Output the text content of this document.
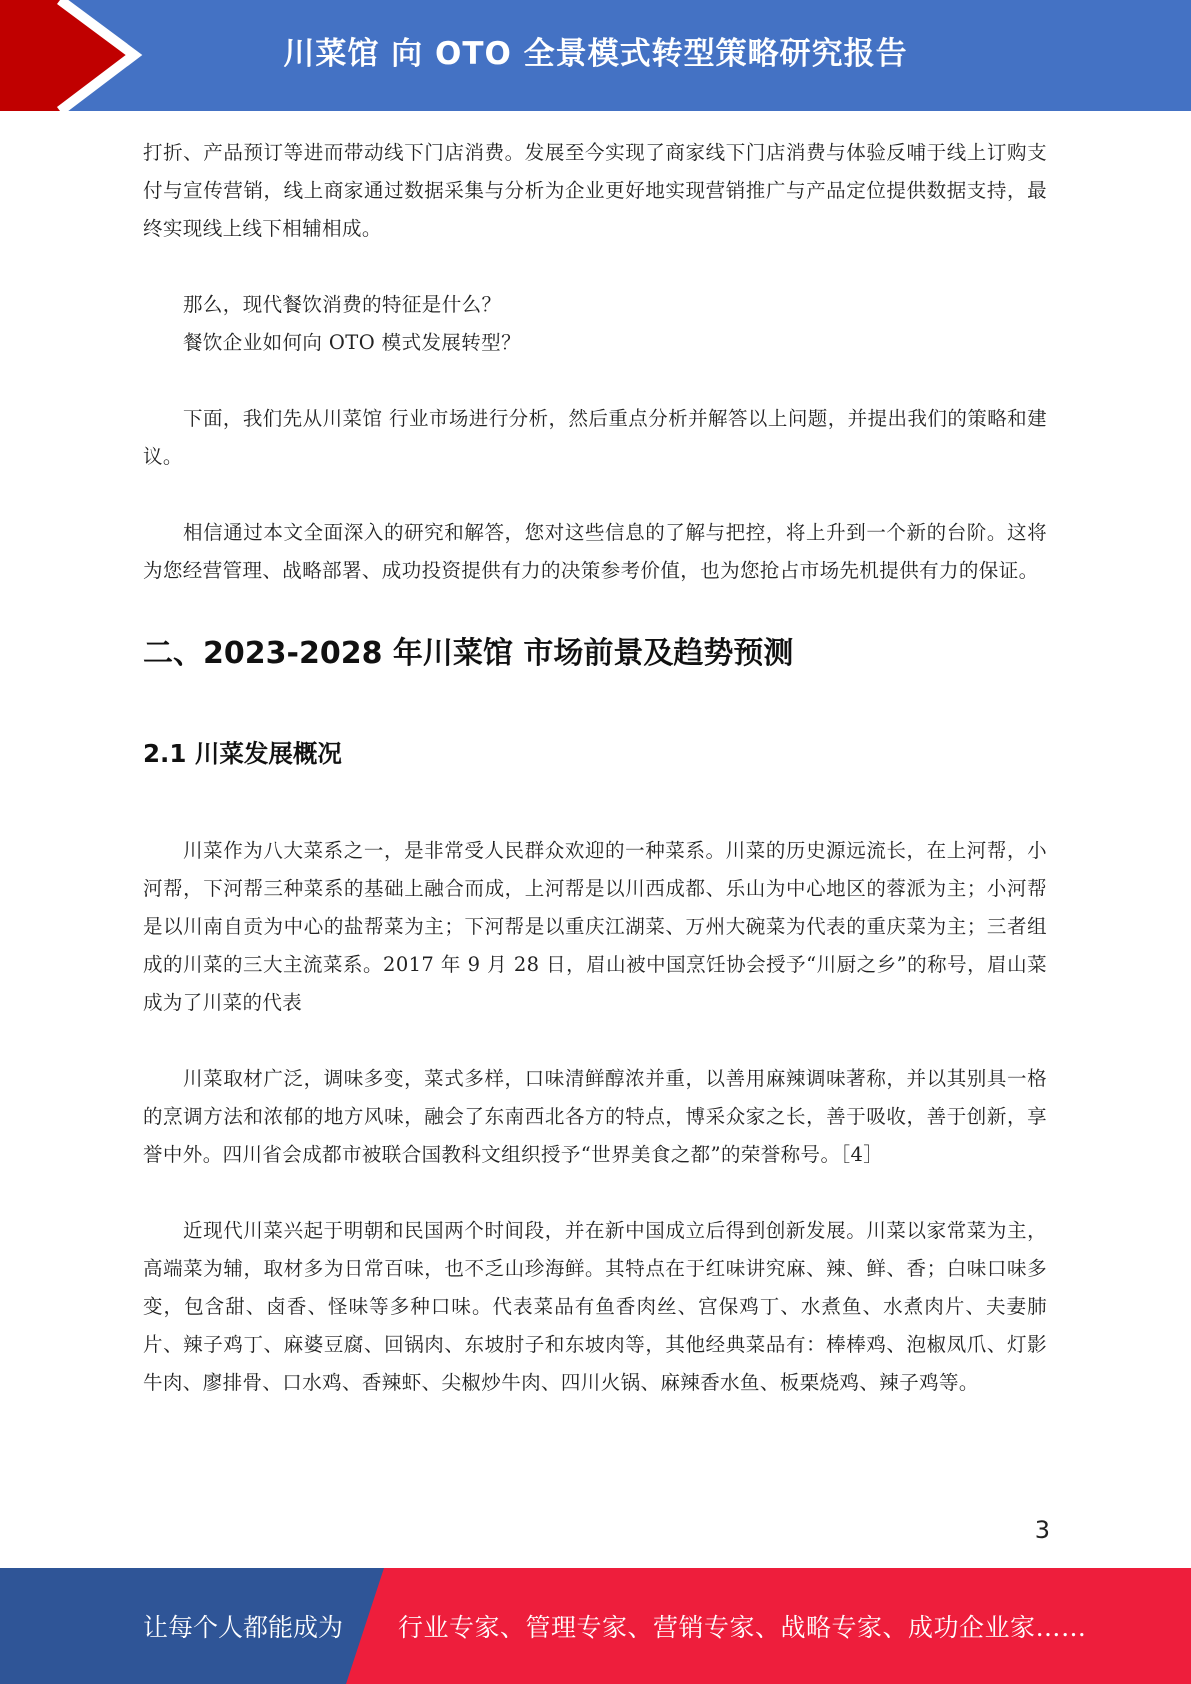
川菜馆 向 OTO 全景模式转型策略研究报告

打折、产品预订等进而带动线下门店消费。发展至今实现了商家线下门店消费与体验反哺于线上订购支付与宣传营销，线上商家通过数据采集与分析为企业更好地实现营销推广与产品定位提供数据支持，最终实现线上线下相辅相成。

那么，现代餐饮消费的特征是什么？

餐饮企业如何向 OTO 模式发展转型？

下面，我们先从川菜馆 行业市场进行分析，然后重点分析并解答以上问题，并提出我们的策略和建议。

相信通过本文全面深入的研究和解答，您对这些信息的了解与把控，将上升到一个新的台阶。这将为您经营管理、战略部署、成功投资提供有力的决策参考价值，也为您抢占市场先机提供有力的保证。

二、2023-2028 年川菜馆 市场前景及趋势预测
2.1 川菜发展概况

川菜作为八大菜系之一，是非常受人民群众欢迎的一种菜系。川菜的历史源远流长，在上河帮，小河帮，下河帮三种菜系的基础上融合而成，上河帮是以川西成都、乐山为中心地区的蓉派为主；小河帮是以川南自贡为中心的盐帮菜为主；下河帮是以重庆江湖菜、万州大碗菜为代表的重庆菜为主；三者组成的川菜的三大主流菜系。2017 年 9 月 28 日，眉山被中国烹饪协会授予“川厨之乡”的称号，眉山菜成为了川菜的代表

川菜取材广泛，调味多变，菜式多样，口味清鲜醇浓并重，以善用麻辣调味著称，并以其别具一格的烹调方法和浓郁的地方风味，融会了东南西北各方的特点，博采众家之长，善于吸收，善于创新，享誉中外。四川省会成都市被联合国教科文组织授予“世界美食之都”的荣誉称号。［4］

近现代川菜兴起于明朝和民国两个时间段，并在新中国成立后得到创新发展。川菜以家常菜为主，高端菜为辅，取材多为日常百味，也不乏山珍海鲜。其特点在于红味讲究麻、辣、鲜、香；白味口味多变，包含甜、卤香、怪味等多种口味。代表菜品有鱼香肉丝、宫保鸡丁、水煮鱼、水煮肉片、夫妻肺片、辣子鸡丁、麻婆豆腐、回锅肉、东坡肘子和东坡肉等，其他经典菜品有：棒棒鸡、泡椒凤爪、灯影牛肉、廖排骨、口水鸡、香辣虾、尖椒炒牛肉、四川火锅、麻辣香水鱼、板栗烧鸡、辣子鸡等。

3
让每个人都能成为 行业专家、管理专家、营销专家、战略专家、成功企业家……
